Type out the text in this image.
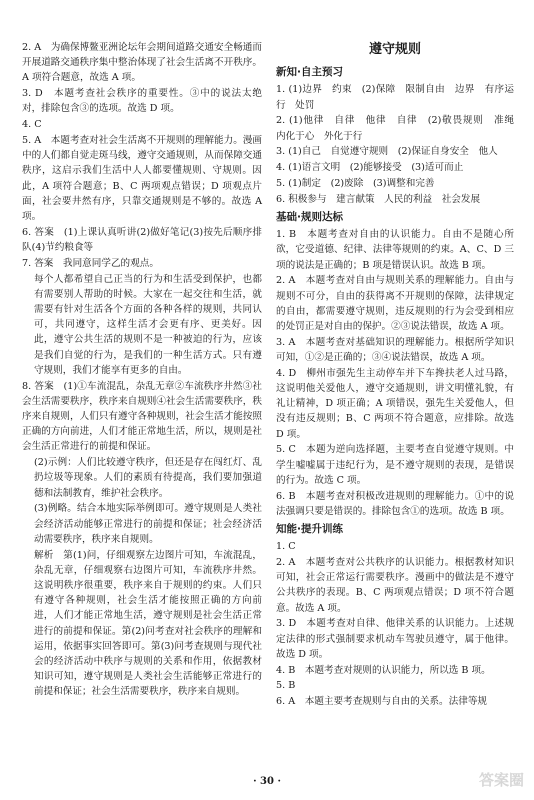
2. A　为确保博鳌亚洲论坛年会期间道路交通安全畅通而开展道路交通秩序集中整治体现了社会生活离不开秩序。A 项符合题意，故选 A 项。

3. D　本题考查社会秩序的重要性。③中的说法太绝对，排除包含③的选项。故选 D 项。

4. C

5. A　本题考查对社会生活离不开规则的理解能力。漫画中的人们都自觉走斑马线，遵守交通规则，从而保障交通秩序，这启示我们生活中人人都要懂规则、守规则。因此，A 项符合题意；B、C 两项观点错误；D 项观点片面，社会要井然有序，只靠交通规则是不够的。故选 A 项。

6. 答案　(1)上课认真听讲(2)做好笔记(3)按先后顺序排队(4)节约粮食等

7. 答案　我同意同学乙的观点。

每个人都希望自己正当的行为和生活受到保护，也都有需要别人帮助的时候。大家在一起交往和生活，就需要有针对生活各个方面的各种各样的规则，共同认可，共同遵守，这样生活才会更有序、更美好。因此，遵守公共生活的规则不是一种被迫的行为，应该是我们自觉的行为，是我们的一种生活方式。只有遵守规则，我们才能享有更多的自由。

8. 答案　(1)①车流混乱，杂乱无章②车流秩序井然③社会生活需要秩序，秩序来自规则④社会生活需要秩序，秩序来自规则，人们只有遵守各种规则，社会生活才能按照正确的方向前进，人们才能正常地生活，所以，规则是社会生活正常进行的前提和保证。

(2)示例：人们比较遵守秩序，但还是存在闯红灯、乱扔垃圾等现象。人们的素质有待提高，我们要加强道德和法制教育，维护社会秩序。

(3)例略。结合本地实际举例即可。遵守规则是人类社会经济活动能够正常进行的前提和保证；社会经济活动需要秩序，秩序来自规则。

解析　第(1)问，仔细观察左边图片可知，车流混乱，杂乱无章，仔细观察右边图片可知，车流秩序井然。这说明秩序很重要，秩序来自于规则的约束。人们只有遵守各种规则，社会生活才能按照正确的方向前进，人们才能正常地生活，遵守规则是社会生活正常进行的前提和保证。第(2)问考查对社会秩序的理解和运用，依据事实回答即可。第(3)问考查规则与现代社会的经济活动中秩序与规则的关系和作用，依据教材知识可知，遵守规则是人类社会生活能够正常进行的前提和保证；社会生活需要秩序，秩序来自规则。

遵守规则

新知·自主预习

1. (1)边界　约束　(2)保障　限制自由　边界　有序运行　处罚

2. (1)他律　自律　他律　自律　(2)敬畏规则　准绳　内化于心　外化于行

3. (1)自己　自觉遵守规则　(2)保证自身安全　他人

4. (1)语言文明　(2)能够接受　(3)适可而止

5. (1)制定　(2)废除　(3)调整和完善

6. 积极参与　建言献策　人民的利益　社会发展

基础·规则达标

1. B　本题考查对自由的认识能力。自由不是随心所欲，它受道德、纪律、法律等规则的约束。A、C、D 三项的说法是正确的；B 项是错误认识。故选 B 项。

2. A　本题考查对自由与规则关系的理解能力。自由与规则不可分，自由的获得离不开规则的保障，法律规定的自由，都需要遵守规则，违反规则的行为会受到相应的处罚正是对自由的保护。②③说法错误，故选 A 项。

3. A　本题考查对基础知识的理解能力。根据所学知识可知，①②是正确的；③④说法错误，故选 A 项。

4. D　柳州市强先生主动停车并下车搀扶老人过马路，这说明他关爱他人，遵守交通规则，讲文明懂礼貌，有礼让精神，D 项正确；A 项错误，强先生关爱他人，但没有违反规则；B、C 两项不符合题意，应排除。故选 D 项。

5. C　本题为逆向选择题，主要考查自觉遵守规则。中学生嘘嘘属于违纪行为，是不遵守规则的表现，是错误的行为。故选 C 项。

6. B　本题考查对积极改进规则的理解能力。①中的说法强调只要是错误的。排除包含①的选项。故选 B 项。

知能·提升训练

1. C

2. A　本题考查对公共秩序的认识能力。根据教材知识可知，社会正常运行需要秩序。漫画中的做法是不遵守公共秩序的表现。B、C 两项观点错误；D 项不符合题意。故选 A 项。

3. D　本题考查对自律、他律关系的认识能力。上述规定法律的形式强制要求机动车驾驶员遵守，属于他律。故选 D 项。

4. B　本题考查对规则的认识能力，所以选 B 项。

5. B

6. A　本题主要考查规则与自由的关系。法律等规

· 30 ·	答案圈
